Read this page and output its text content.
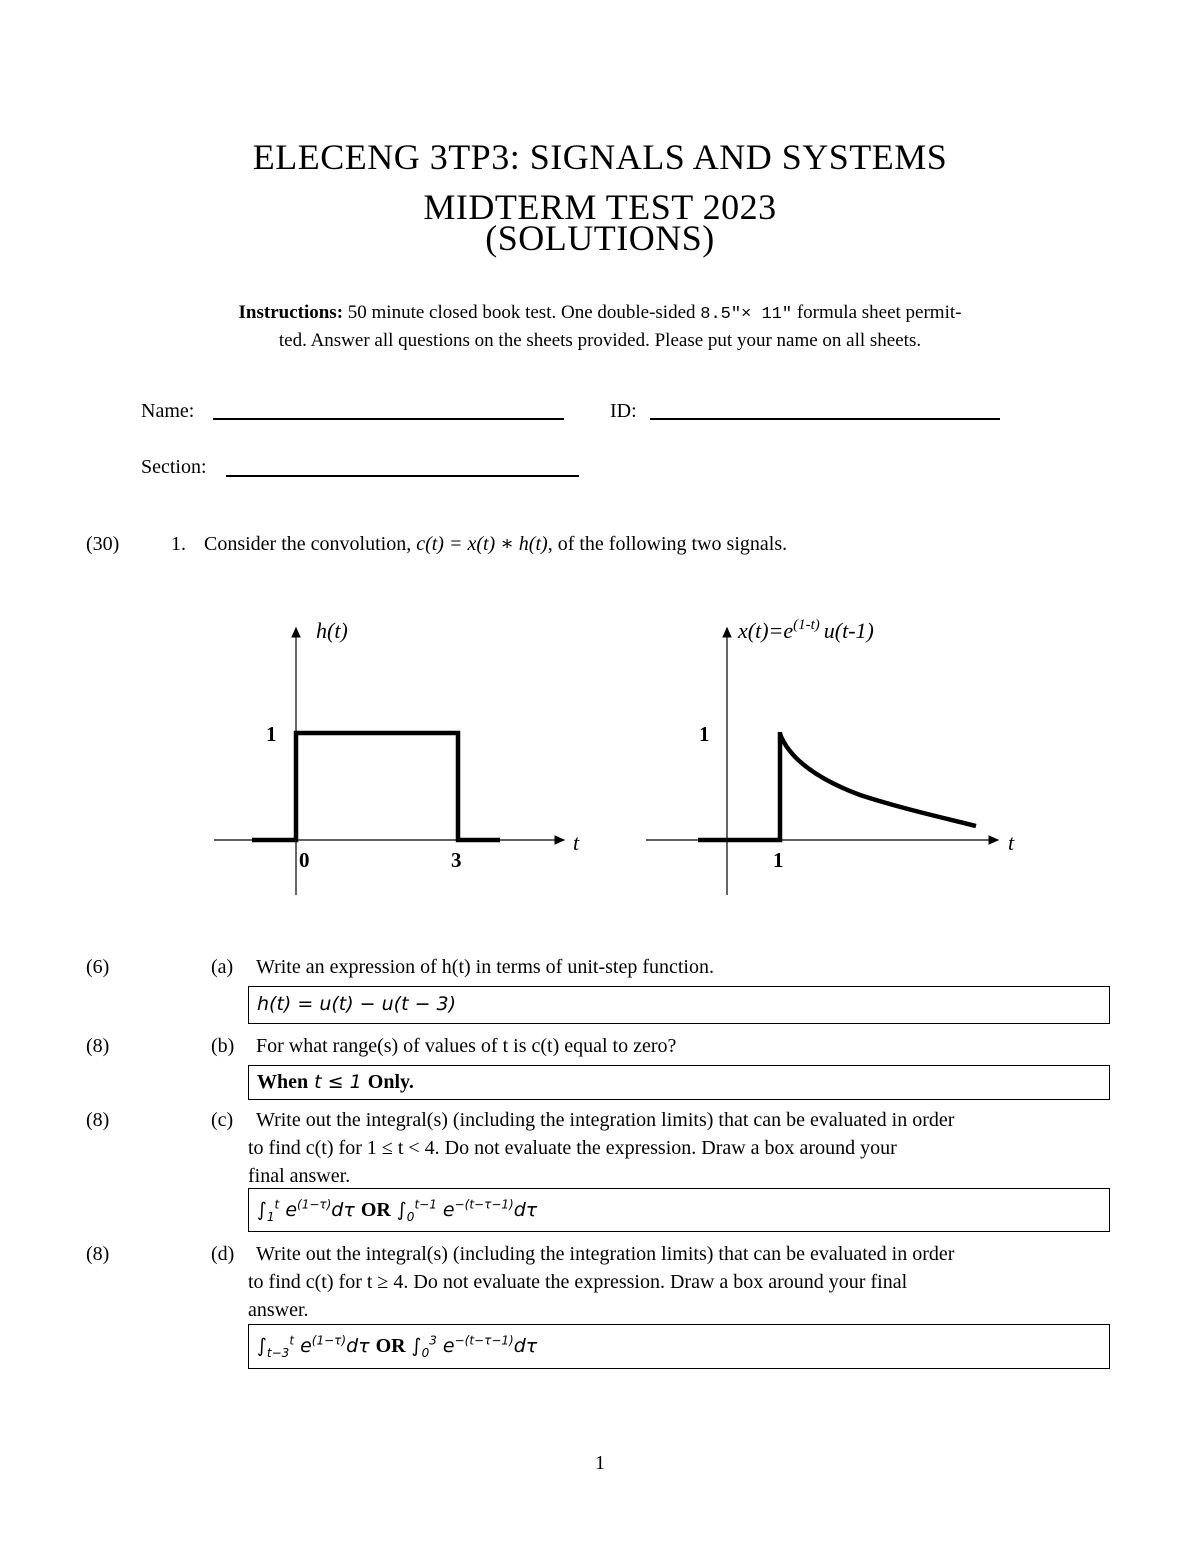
ELECENG 3TP3: SIGNALS AND SYSTEMS
MIDTERM TEST 2023
(SOLUTIONS)
Instructions: 50 minute closed book test. One double-sided 8.5"× 11" formula sheet permit-
ted. Answer all questions on the sheets provided. Please put your name on all sheets.
Name:	ID:
Section:
(30)	1. Consider the convolution, c(t) = x(t) ∗ h(t), of the following two signals.
h(t)
t
1
0	3
$x(t)=e^{(1-t)}$ u(t-1)
t
1
1
(6)	(a) Write an expression of h(t) in terms of unit-step function.
h(t) = u(t) − u(t − 3)
(8)	(b) For what range(s) of values of t is c(t) equal to zero?
When t ≤ 1 Only.
(8)	(c) Write out the integral(s) (including the integration limits) that can be evaluated in order
to find c(t) for 1 ≤ t < 4. Do not evaluate the expression. Draw a box around your
final answer.
$\int_1^t$ $e^{(1-\tau)}d\tau$ OR $\int_0^{t-1}$ $e^{-(t-\tau-1)}d\tau$
(8)	(d) Write out the integral(s) (including the integration limits) that can be evaluated in order
to find c(t) for t ≥ 4. Do not evaluate the expression. Draw a box around your final
answer.
$\int_{t-3}^t$ $e^{(1-\tau)}d\tau$ OR $\int_0^3$ $e^{-(t-\tau-1)}d\tau$
1
